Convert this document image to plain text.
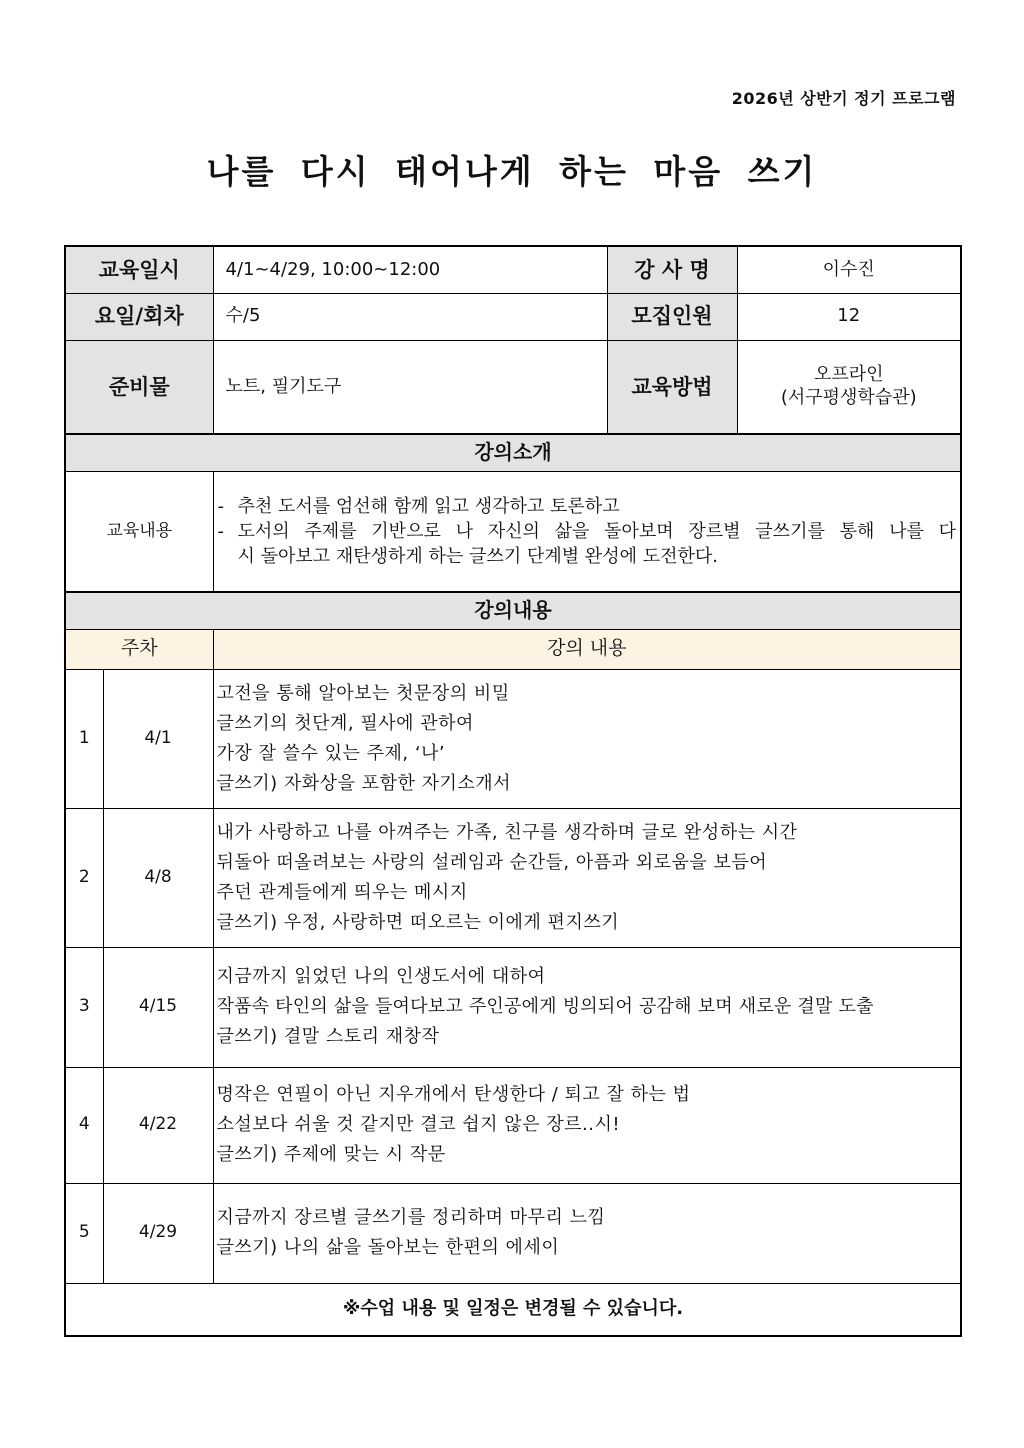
2026년 상반기 정기 프로그램
나를 다시 태어나게 하는 마음 쓰기
교육일시		4/1~4/29, 10:00~12:00	강 사 명	이수진
요일/회차		수/5	모집인원	12
준비물		노트, 필기도구	교육방법	오프라인
(서구평생학습관)

강의소개				
교육내용		- 추천 도서를 엄선해 함께 읽고 생각하고 토론하고
- 도서의 주제를 기반으로 나 자신의 삶을 돌아보며 장르별 글쓰기를 통해 나를 다
시 돌아보고 재탄생하게 하는 글쓰기 단계별 완성에 도전한다.		

강의내용				
주차		강의 내용		
1	4/1	고전을 통해 알아보는 첫문장의 비밀
글쓰기의 첫단계, 필사에 관하여
가장 잘 쓸수 있는 주제, ‘나’
글쓰기) 자화상을 포함한 자기소개서		

2	4/8	내가 사랑하고 나를 아껴주는 가족, 친구를 생각하며 글로 완성하는 시간
뒤돌아 떠올려보는 사랑의 설레임과 순간들, 아픔과 외로움을 보듬어
주던 관계들에게 띄우는 메시지
글쓰기) 우정, 사랑하면 떠오르는 이에게 편지쓰기		

3	4/15	지금까지 읽었던 나의 인생도서에 대하여
작품속 타인의 삶을 들여다보고 주인공에게 빙의되어 공감해 보며 새로운 결말 도출
글쓰기) 결말 스토리 재창작		

4	4/22	명작은 연필이 아닌 지우개에서 탄생한다 / 퇴고 잘 하는 법
소설보다 쉬울 것 같지만 결코 쉽지 않은 장르..시!
글쓰기) 주제에 맞는 시 작문		

5	4/29	지금까지 장르별 글쓰기를 정리하며 마무리 느낌
글쓰기) 나의 삶을 돌아보는 한편의 에세이		

※수업 내용 및 일정은 변경될 수 있습니다.				
